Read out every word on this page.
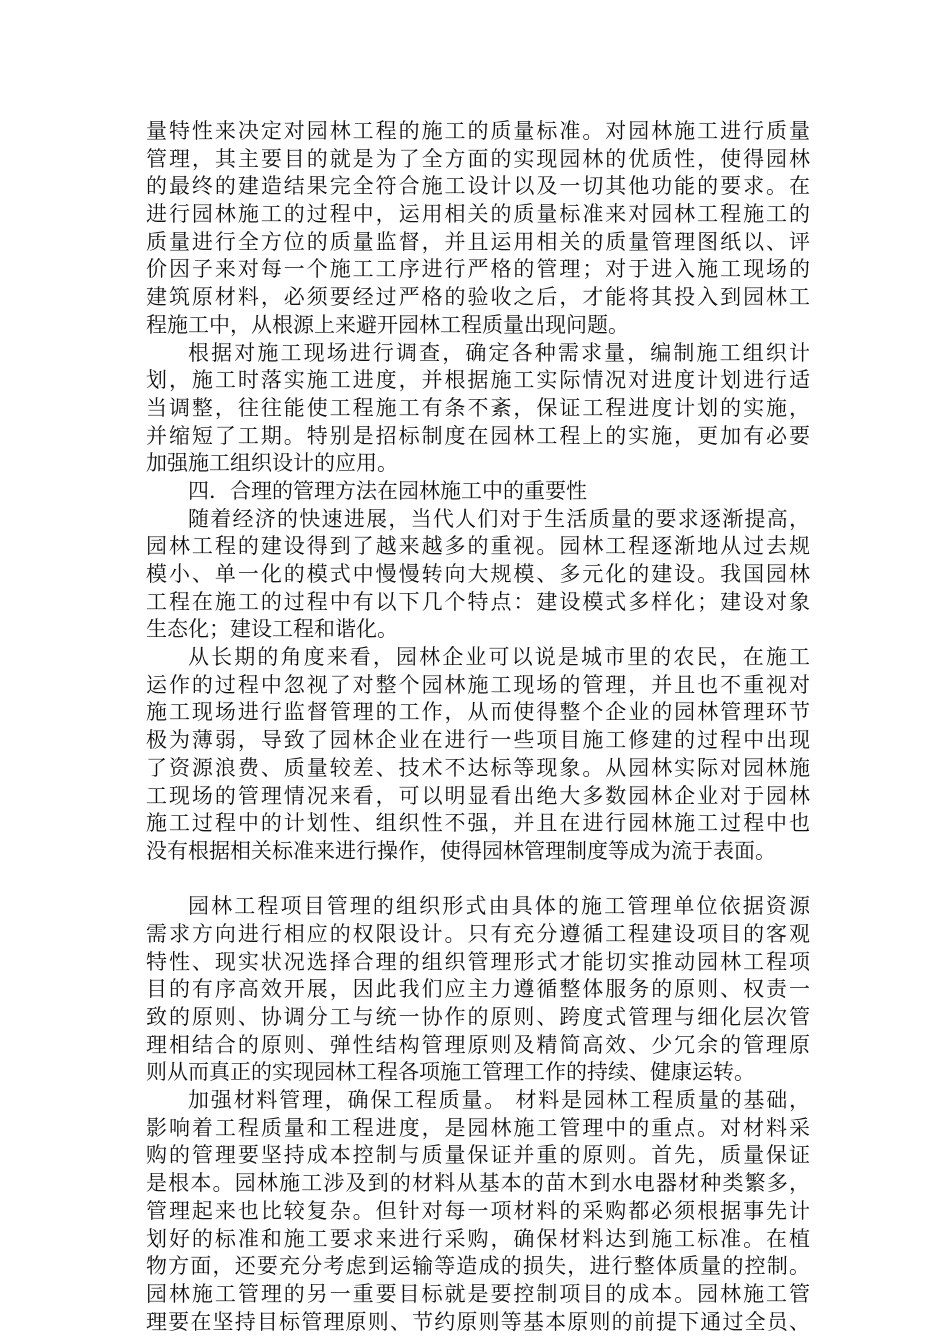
量特性来决定对园林工程的施工的质量标准。对园林施工进行质量
管理，其主要目的就是为了全方面的实现园林的优质性，使得园林
的最终的建造结果完全符合施工设计以及一切其他功能的要求。在
进行园林施工的过程中，运用相关的质量标准来对园林工程施工的
质量进行全方位的质量监督，并且运用相关的质量管理图纸以、评
价因子来对每一个施工工序进行严格的管理；对于进入施工现场的
建筑原材料，必须要经过严格的验收之后，才能将其投入到园林工
程施工中，从根源上来避开园林工程质量出现问题。
根据对施工现场进行调查，确定各种需求量，编制施工组织计
划，施工时落实施工进度，并根据施工实际情况对进度计划进行适
当调整，往往能使工程施工有条不紊，保证工程进度计划的实施，
并缩短了工期。特别是招标制度在园林工程上的实施，更加有必要
加强施工组织设计的应用。
四．合理的管理方法在园林施工中的重要性
随着经济的快速进展，当代人们对于生活质量的要求逐渐提高，
园林工程的建设得到了越来越多的重视。园林工程逐渐地从过去规
模小、单一化的模式中慢慢转向大规模、多元化的建设。我国园林
工程在施工的过程中有以下几个特点：建设模式多样化；建设对象
生态化；建设工程和谐化。
从长期的角度来看，园林企业可以说是城市里的农民，在施工
运作的过程中忽视了对整个园林施工现场的管理，并且也不重视对
施工现场进行监督管理的工作，从而使得整个企业的园林管理环节
极为薄弱，导致了园林企业在进行一些项目施工修建的过程中出现
了资源浪费、质量较差、技术不达标等现象。从园林实际对园林施
工现场的管理情况来看，可以明显看出绝大多数园林企业对于园林
施工过程中的计划性、组织性不强，并且在进行园林施工过程中也
没有根据相关标准来进行操作，使得园林管理制度等成为流于表面。
园林工程项目管理的组织形式由具体的施工管理单位依据资源
需求方向进行相应的权限设计。只有充分遵循工程建设项目的客观
特性、现实状况选择合理的组织管理形式才能切实推动园林工程项
目的有序高效开展，因此我们应主力遵循整体服务的原则、权责一
致的原则、协调分工与统一协作的原则、跨度式管理与细化层次管
理相结合的原则、弹性结构管理原则及精简高效、少冗余的管理原
则从而真正的实现园林工程各项施工管理工作的持续、健康运转。
加强材料管理，确保工程质量。 材料是园林工程质量的基础，
影响着工程质量和工程进度，是园林施工管理中的重点。对材料采
购的管理要坚持成本控制与质量保证并重的原则。首先，质量保证
是根本。园林施工涉及到的材料从基本的苗木到水电器材种类繁多，
管理起来也比较复杂。但针对每一项材料的采购都必须根据事先计
划好的标准和施工要求来进行采购，确保材料达到施工标准。在植
物方面，还要充分考虑到运输等造成的损失，进行整体质量的控制。
园林施工管理的另一重要目标就是要控制项目的成本。园林施工管
理要在坚持目标管理原则、节约原则等基本原则的前提下通过全员、
